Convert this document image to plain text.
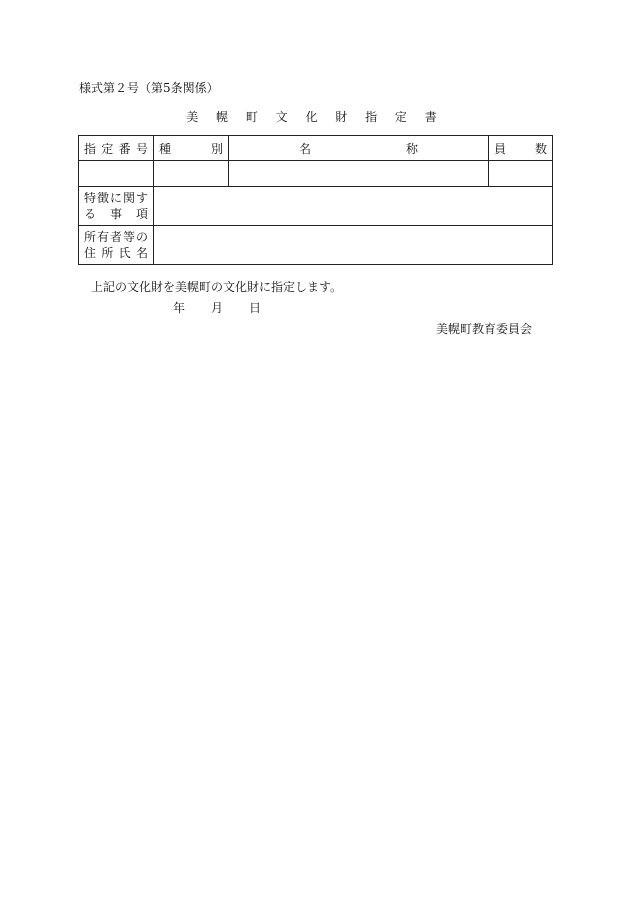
様式第２号（第5条関係）
美 幌 町 文 化 財 指 定 書
指 定 番 号	種 別	名 称	員 数

特徴に関す
る　事　項			

所有者等の
住 所 氏 名			

上記の文化財を美幌町の文化財に指定します。
年 月 日
美幌町教育委員会
